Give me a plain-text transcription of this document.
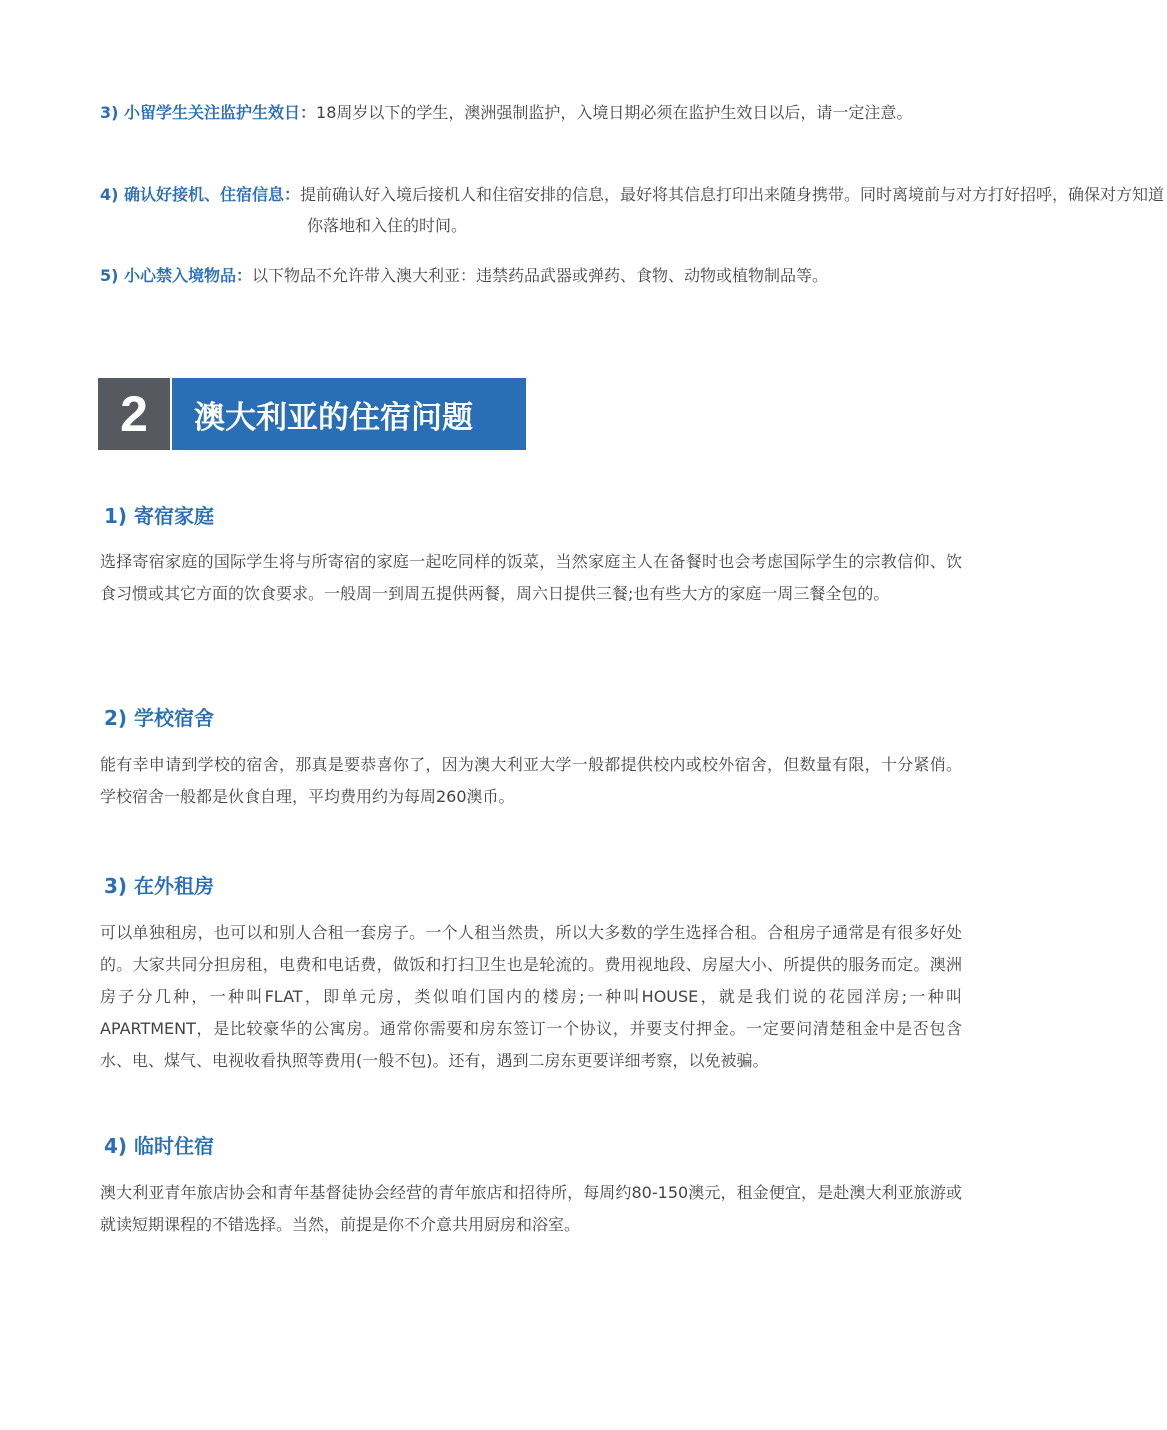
3) 小留学生关注监护生效日：18周岁以下的学生，澳洲强制监护，入境日期必须在监护生效日以后，请一定注意。
4) 确认好接机、住宿信息：提前确认好入境后接机人和住宿安排的信息，最好将其信息打印出来随身携带。同时离境前与对方打好招呼，确保对方知道你落地和入住的时间。
5) 小心禁入境物品：以下物品不允许带入澳大利亚：违禁药品武器或弹药、食物、动物或植物制品等。
2	澳大利亚的住宿问题
1) 寄宿家庭
选择寄宿家庭的国际学生将与所寄宿的家庭一起吃同样的饭菜，当然家庭主人在备餐时也会考虑国际学生的宗教信仰、饮食习惯或其它方面的饮食要求。一般周一到周五提供两餐，周六日提供三餐;也有些大方的家庭一周三餐全包的。
2) 学校宿舍
能有幸申请到学校的宿舍，那真是要恭喜你了，因为澳大利亚大学一般都提供校内或校外宿舍，但数量有限，十分紧俏。学校宿舍一般都是伙食自理，平均费用约为每周260澳币。
3) 在外租房
可以单独租房，也可以和别人合租一套房子。一个人租当然贵，所以大多数的学生选择合租。合租房子通常是有很多好处的。大家共同分担房租，电费和电话费，做饭和打扫卫生也是轮流的。费用视地段、房屋大小、所提供的服务而定。澳洲房子分几种，一种叫FLAT，即单元房，类似咱们国内的楼房;一种叫HOUSE，就是我们说的花园洋房;一种叫APARTMENT，是比较豪华的公寓房。通常你需要和房东签订一个协议，并要支付押金。一定要问清楚租金中是否包含水、电、煤气、电视收看执照等费用(一般不包)。还有，遇到二房东更要详细考察，以免被骗。
4) 临时住宿
澳大利亚青年旅店协会和青年基督徒协会经营的青年旅店和招待所，每周约80-150澳元，租金便宜，是赴澳大利亚旅游或就读短期课程的不错选择。当然，前提是你不介意共用厨房和浴室。
